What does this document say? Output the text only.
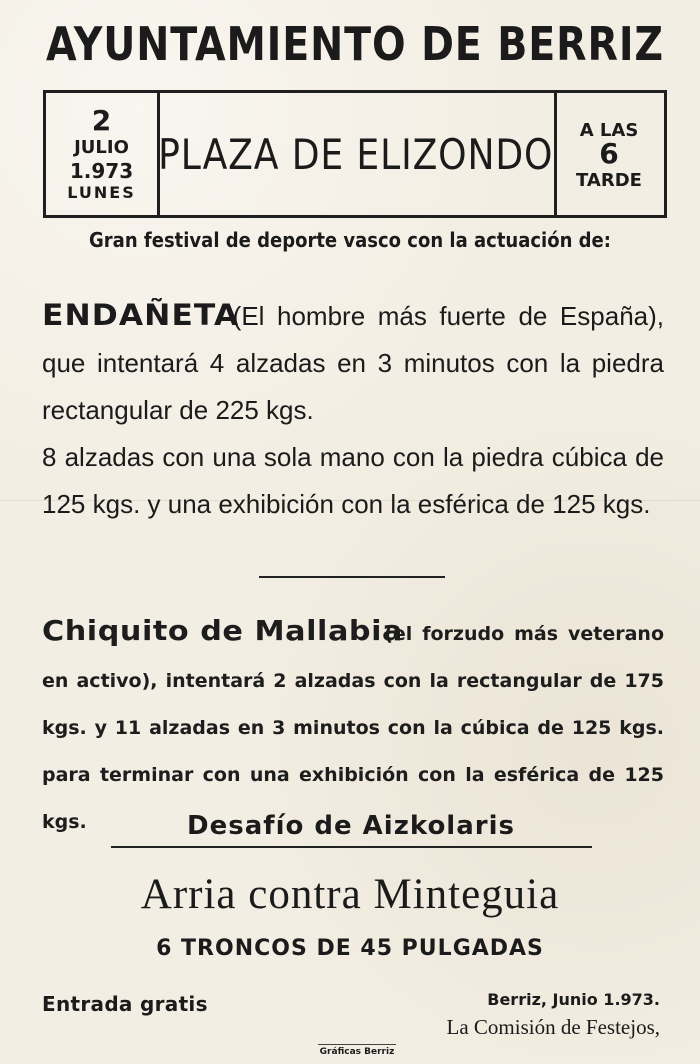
AYUNTAMIENTO DE BERRIZ
2
JULIO
1.973
LUNES
PLAZA DE ELIZONDO A LAS
6
TARDE
Gran festival de deporte vasco con la actuación de:

ENDAÑETA(El hombre más fuerte de España), que intentará 4 alzadas en 3 minutos con la piedra rectangular de 225 kgs.

8 alzadas con una sola mano con la piedra cúbica de 125 kgs. y una exhibición con la esférica de 125 kgs.

Chiquito de Mallabia(el forzudo más veterano en activo), intentará 2 alzadas con la rectangular de 175 kgs. y 11 alzadas en 3 minutos con la cúbica de 125 kgs. para terminar con una exhibición con la esférica de 125 kgs.	Desafío de Aizkolaris
Arria contra Minteguia
6 TRONCOS DE 45 PULGADAS
Entrada gratis	Berriz, Junio 1.973.
La Comisión de Festejos,
Gráficas Berriz
